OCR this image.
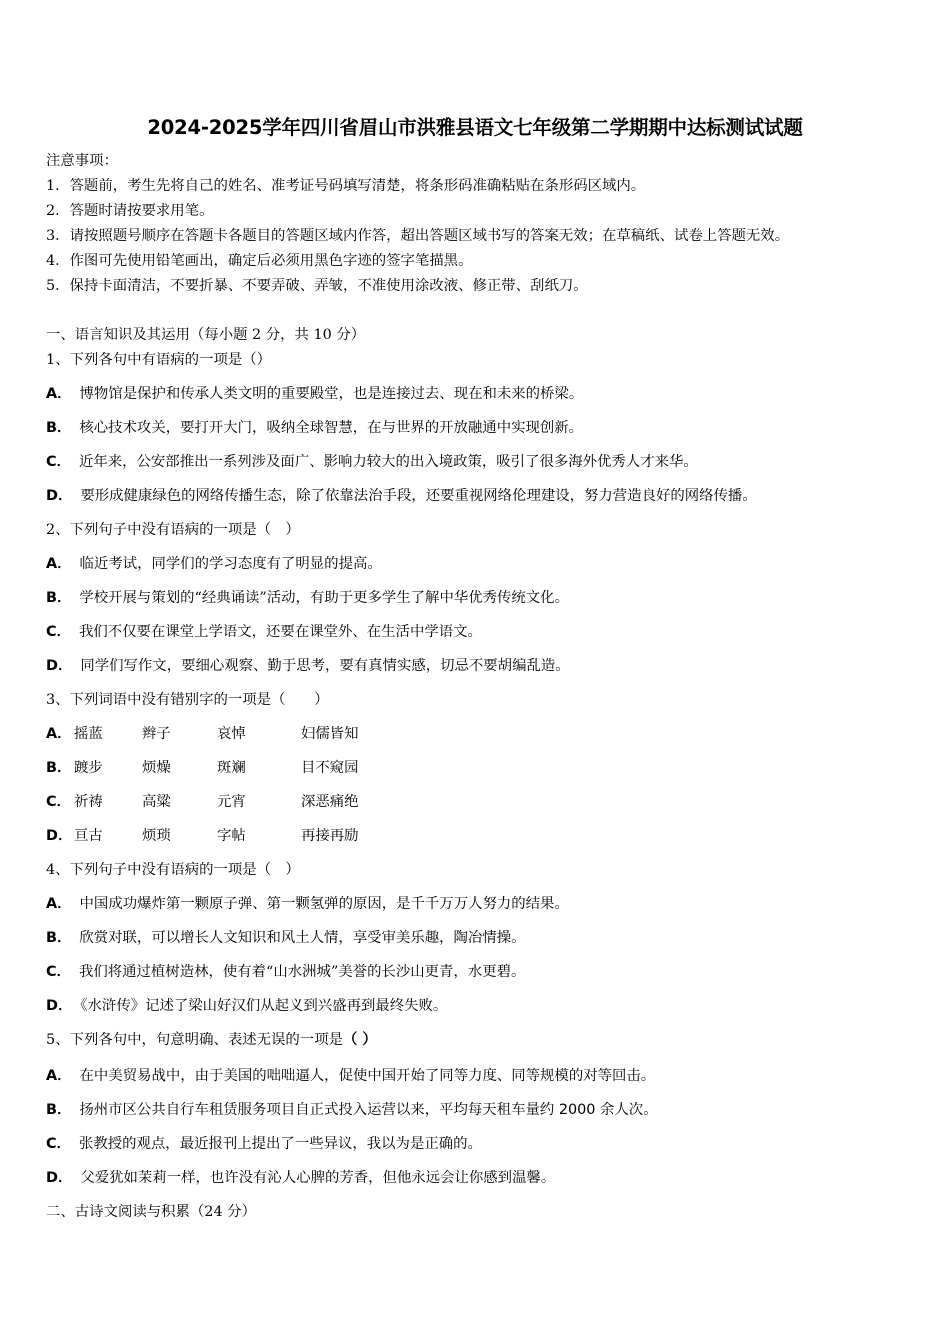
2024-2025学年四川省眉山市洪雅县语文七年级第二学期期中达标测试试题
注意事项：
1．答题前，考生先将自己的姓名、准考证号码填写清楚，将条形码准确粘贴在条形码区域内。
2．答题时请按要求用笔。
3．请按照题号顺序在答题卡各题目的答题区域内作答，超出答题区域书写的答案无效；在草稿纸、试卷上答题无效。
4．作图可先使用铅笔画出，确定后必须用黑色字迹的签字笔描黑。
5．保持卡面清洁，不要折暴、不要弄破、弄皱，不准使用涂改液、修正带、刮纸刀。
一、语言知识及其运用（每小题 2 分，共 10 分）
1、下列各句中有语病的一项是（）
A． 博物馆是保护和传承人类文明的重要殿堂，也是连接过去、现在和未来的桥梁。
B． 核心技术攻关，要打开大门，吸纳全球智慧，在与世界的开放融通中实现创新。
C． 近年来，公安部推出一系列涉及面广、影响力较大的出入境政策，吸引了很多海外优秀人才来华。
D． 要形成健康绿色的网络传播生态，除了依靠法治手段，还要重视网络伦理建设，努力营造良好的网络传播。
2、下列句子中没有语病的一项是（　）
A． 临近考试，同学们的学习态度有了明显的提高。
B． 学校开展与策划的“经典诵读”活动，有助于更多学生了解中华优秀传统文化。
C． 我们不仅要在课堂上学语文，还要在课堂外、在生活中学语文。
D． 同学们写作文，要细心观察、勤于思考，要有真情实感，切忌不要胡编乱造。
3、下列词语中没有错别字的一项是（　　）
A． 摇蓝	辫子	哀悼	妇儒皆知
B． 踱步	烦燥	斑斓	目不窥园
C． 祈祷	高粱	元宵	深恶痛绝
D． 亘古	烦琐	字帖	再接再励
4、下列句子中没有语病的一项是（　）
A． 中国成功爆炸第一颗原子弹、第一颗氢弹的原因，是千千万万人努力的结果。
B． 欣赏对联，可以增长人文知识和风土人情，享受审美乐趣，陶冶情操。
C． 我们将通过植树造林，使有着“山水洲城”美誉的长沙山更青，水更碧。
D． 《水浒传》记述了梁山好汉们从起义到兴盛再到最终失败。
5、下列各句中，句意明确、表述无误的一项是（ ）
A． 在中美贸易战中，由于美国的咄咄逼人，促使中国开始了同等力度、同等规模的对等回击。
B． 扬州市区公共自行车租赁服务项目自正式投入运营以来，平均每天租车量约 2000 余人次。
C． 张教授的观点，最近报刊上提出了一些异议，我以为是正确的。
D． 父爱犹如茉莉一样，也许没有沁人心脾的芳香，但他永远会让你感到温馨。
二、古诗文阅读与积累（24 分）
